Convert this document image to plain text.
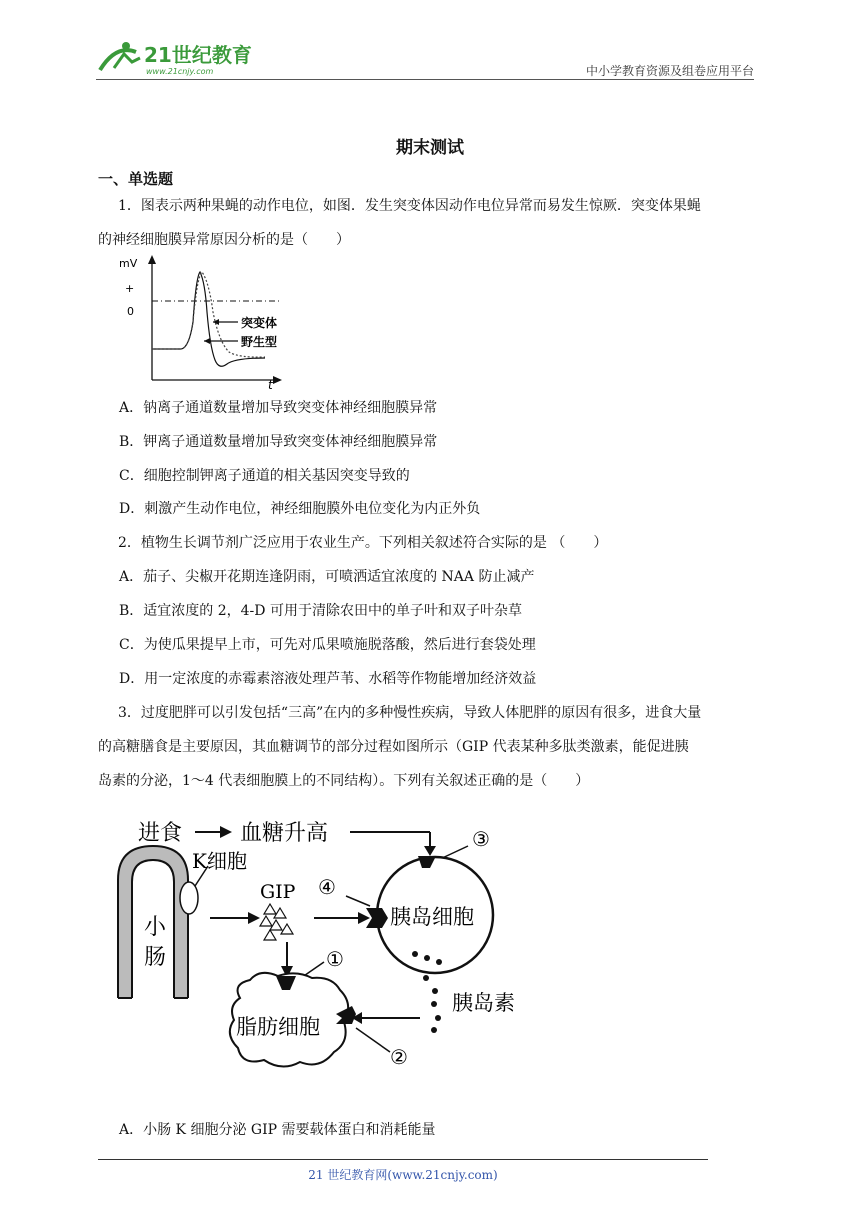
21世纪教育
www.21cnjy.com	中小学教育资源及组卷应用平台
期末测试
一、单选题
1．图表示两种果蝇的动作电位，如图．发生突变体因动作电位异常而易发生惊厥．突变体果蝇
的神经细胞膜异常原因分析的是（　　）
mV
+
0
t
突变体
野生型
A．钠离子通道数量增加导致突变体神经细胞膜异常
B．钾离子通道数量增加导致突变体神经细胞膜异常
C．细胞控制钾离子通道的相关基因突变导致的
D．刺激产生动作电位，神经细胞膜外电位变化为内正外负
2．植物生长调节剂广泛应用于农业生产。下列相关叙述符合实际的是 （　　）
A．茄子、尖椒开花期连逢阴雨，可喷洒适宜浓度的 NAA 防止减产
B．适宜浓度的 2，4-D 可用于清除农田中的单子叶和双子叶杂草
C．为使瓜果提早上市，可先对瓜果喷施脱落酸，然后进行套袋处理
D．用一定浓度的赤霉素溶液处理芦苇、水稻等作物能增加经济效益
3．过度肥胖可以引发包括“三高”在内的多种慢性疾病，导致人体肥胖的原因有很多，进食大量
的高糖膳食是主要原因，其血糖调节的部分过程如图所示（GIP 代表某种多肽类激素，能促进胰
岛素的分泌，1～4 代表细胞膜上的不同结构）。下列有关叙述正确的是（　　）
进食	血糖升高	③
小
肠
K细胞
GIP ④
胰岛细胞
胰岛素
①
脂肪细胞
②
A．小肠 K 细胞分泌 GIP 需要载体蛋白和消耗能量
21 世纪教育网(www.21cnjy.com)
